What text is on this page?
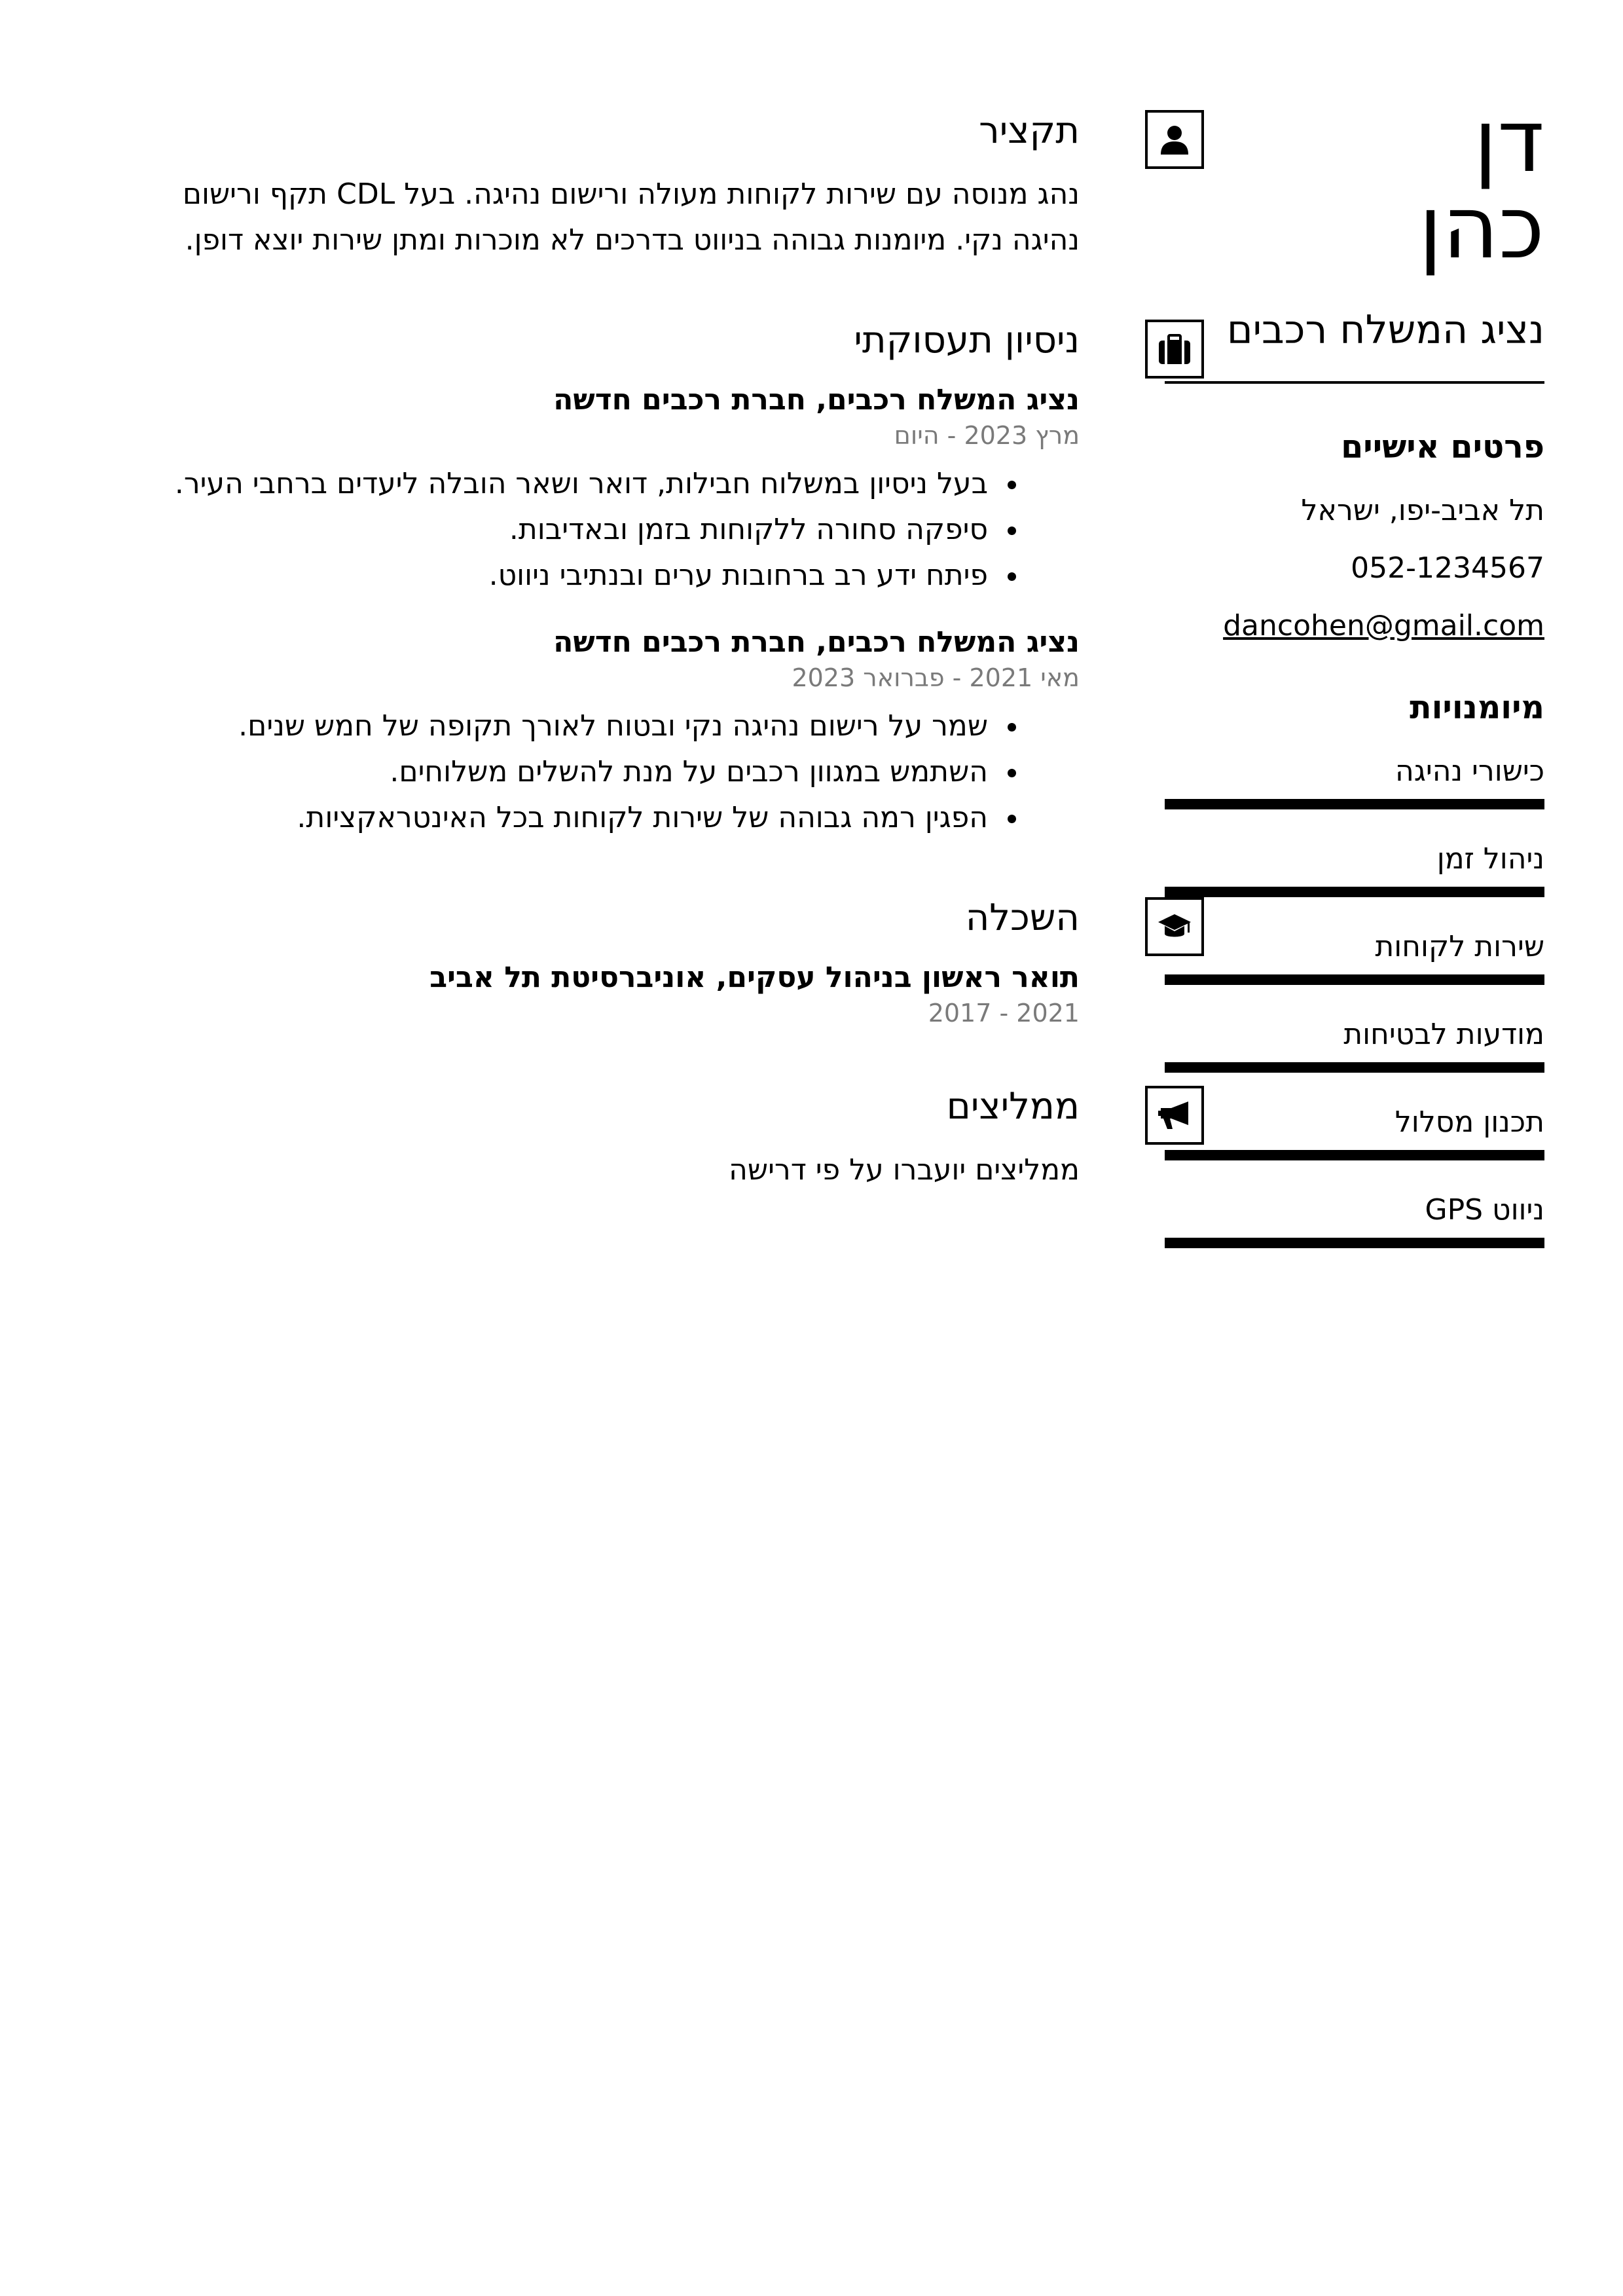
דן
כהן
נציג המשלח רכבים
פרטים אישיים
תל אביב-יפו, ישראל
052-1234567
dancohen@gmail.com
מיומנויות
כישורי נהיגה
ניהול זמן
שירות לקוחות
מודעות לבטיחות
תכנון מסלול
ניווט GPS
תקציר

נהג מנוסה עם שירות לקוחות מעולה ורישום נהיגה. בעל CDL תקף ורישום נהיגה נקי. מיומנות גבוהה בניווט בדרכים לא מוכרות ומתן שירות יוצא דופן.

ניסיון תעסוקתי

נציג המשלח רכבים, חברת רכבים חדשה

מרץ 2023 - היום

• בעל ניסיון במשלוח חבילות, דואר ושאר הובלה ליעדים ברחבי העיר.
• סיפקה סחורה ללקוחות בזמן ובאדיבות.
• פיתח ידע רב ברחובות ערים ובנתיבי ניווט.

נציג המשלח רכבים, חברת רכבים חדשה

מאי 2021 - פברואר 2023

• שמר על רישום נהיגה נקי ובטוח לאורך תקופה של חמש שנים.
• השתמש במגוון רכבים על מנת להשלים משלוחים.
• הפגין רמה גבוהה של שירות לקוחות בכל האינטראקציות.
השכלה

תואר ראשון בניהול עסקים, אוניברסיטת תל אביב

2017 - 2021

ממליצים

ממליצים יועברו על פי דרישה
